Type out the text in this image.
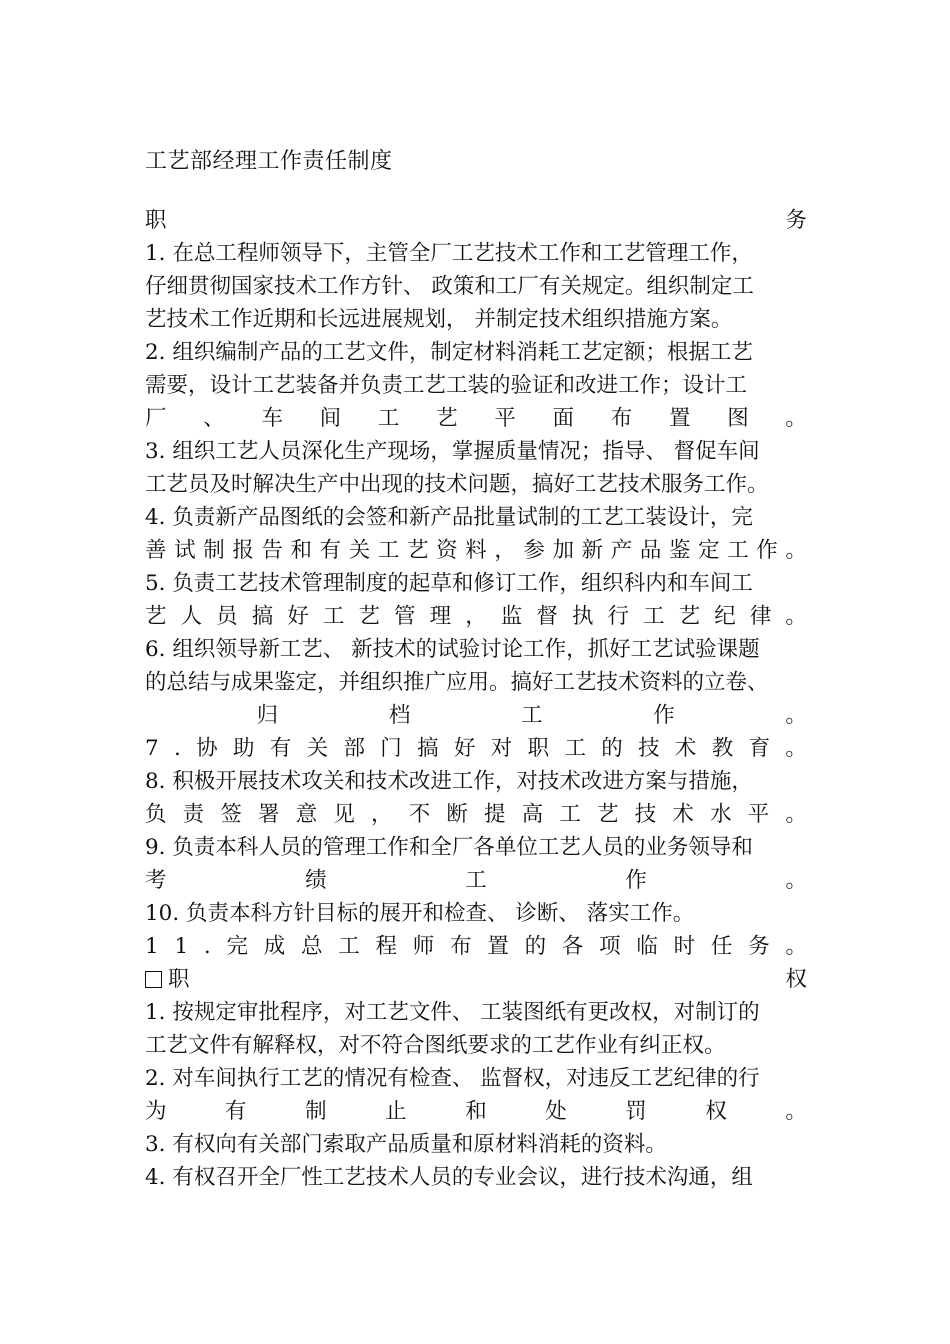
工艺部经理工作责任制度
职	务
1. 在总工程师领导下，主管全厂工艺技术工作和工艺管理工作，
仔细贯彻国家技术工作方针、 政策和工厂有关规定。组织制定工
艺技术工作近期和长远进展规划， 并制定技术组织措施方案。
2. 组织编制产品的工艺文件，制定材料消耗工艺定额；根据工艺
需要，设计工艺装备并负责工艺工装的验证和改进工作；设计工
厂 、 车 间 工 艺 平 面 布 置 图 。
3. 组织工艺人员深化生产现场，掌握质量情况；指导、 督促车间
工艺员及时解决生产中出现的技术问题，搞好工艺技术服务工作。
4. 负责新产品图纸的会签和新产品批量试制的工艺工装设计，完
善 试 制 报 告 和 有 关 工 艺 资 料 ， 参 加 新 产 品 鉴 定 工 作 。
5. 负责工艺技术管理制度的起草和修订工作，组织科内和车间工
艺 人 员 搞 好 工 艺 管 理 ， 监 督 执 行 工 艺 纪 律 。
6. 组织领导新工艺、 新技术的试验讨论工作，抓好工艺试验课题
的总结与成果鉴定，并组织推广应用。搞好工艺技术资料的立卷、
归	档	工	作	。
7 . 协 助 有 关 部 门 搞 好 对 职 工 的 技 术 教 育 。
8. 积极开展技术攻关和技术改进工作，对技术改进方案与措施，
负 责 签 署 意 见 ， 不 断 提 高 工 艺 技 术 水 平 。
9. 负责本科人员的管理工作和全厂各单位工艺人员的业务领导和
考	绩	工	作	。
10. 负责本科方针目标的展开和检查、 诊断、 落实工作。
1 1 . 完 成 总 工 程 师 布 置 的 各 项 临 时 任 务 。
职	权
1. 按规定审批程序，对工艺文件、 工装图纸有更改权，对制订的
工艺文件有解释权，对不符合图纸要求的工艺作业有纠正权。
2. 对车间执行工艺的情况有检查、 监督权，对违反工艺纪律的行
为	有	制	止	和	处	罚	权	。
3. 有权向有关部门索取产品质量和原材料消耗的资料。
4. 有权召开全厂性工艺技术人员的专业会议，进行技术沟通，组
